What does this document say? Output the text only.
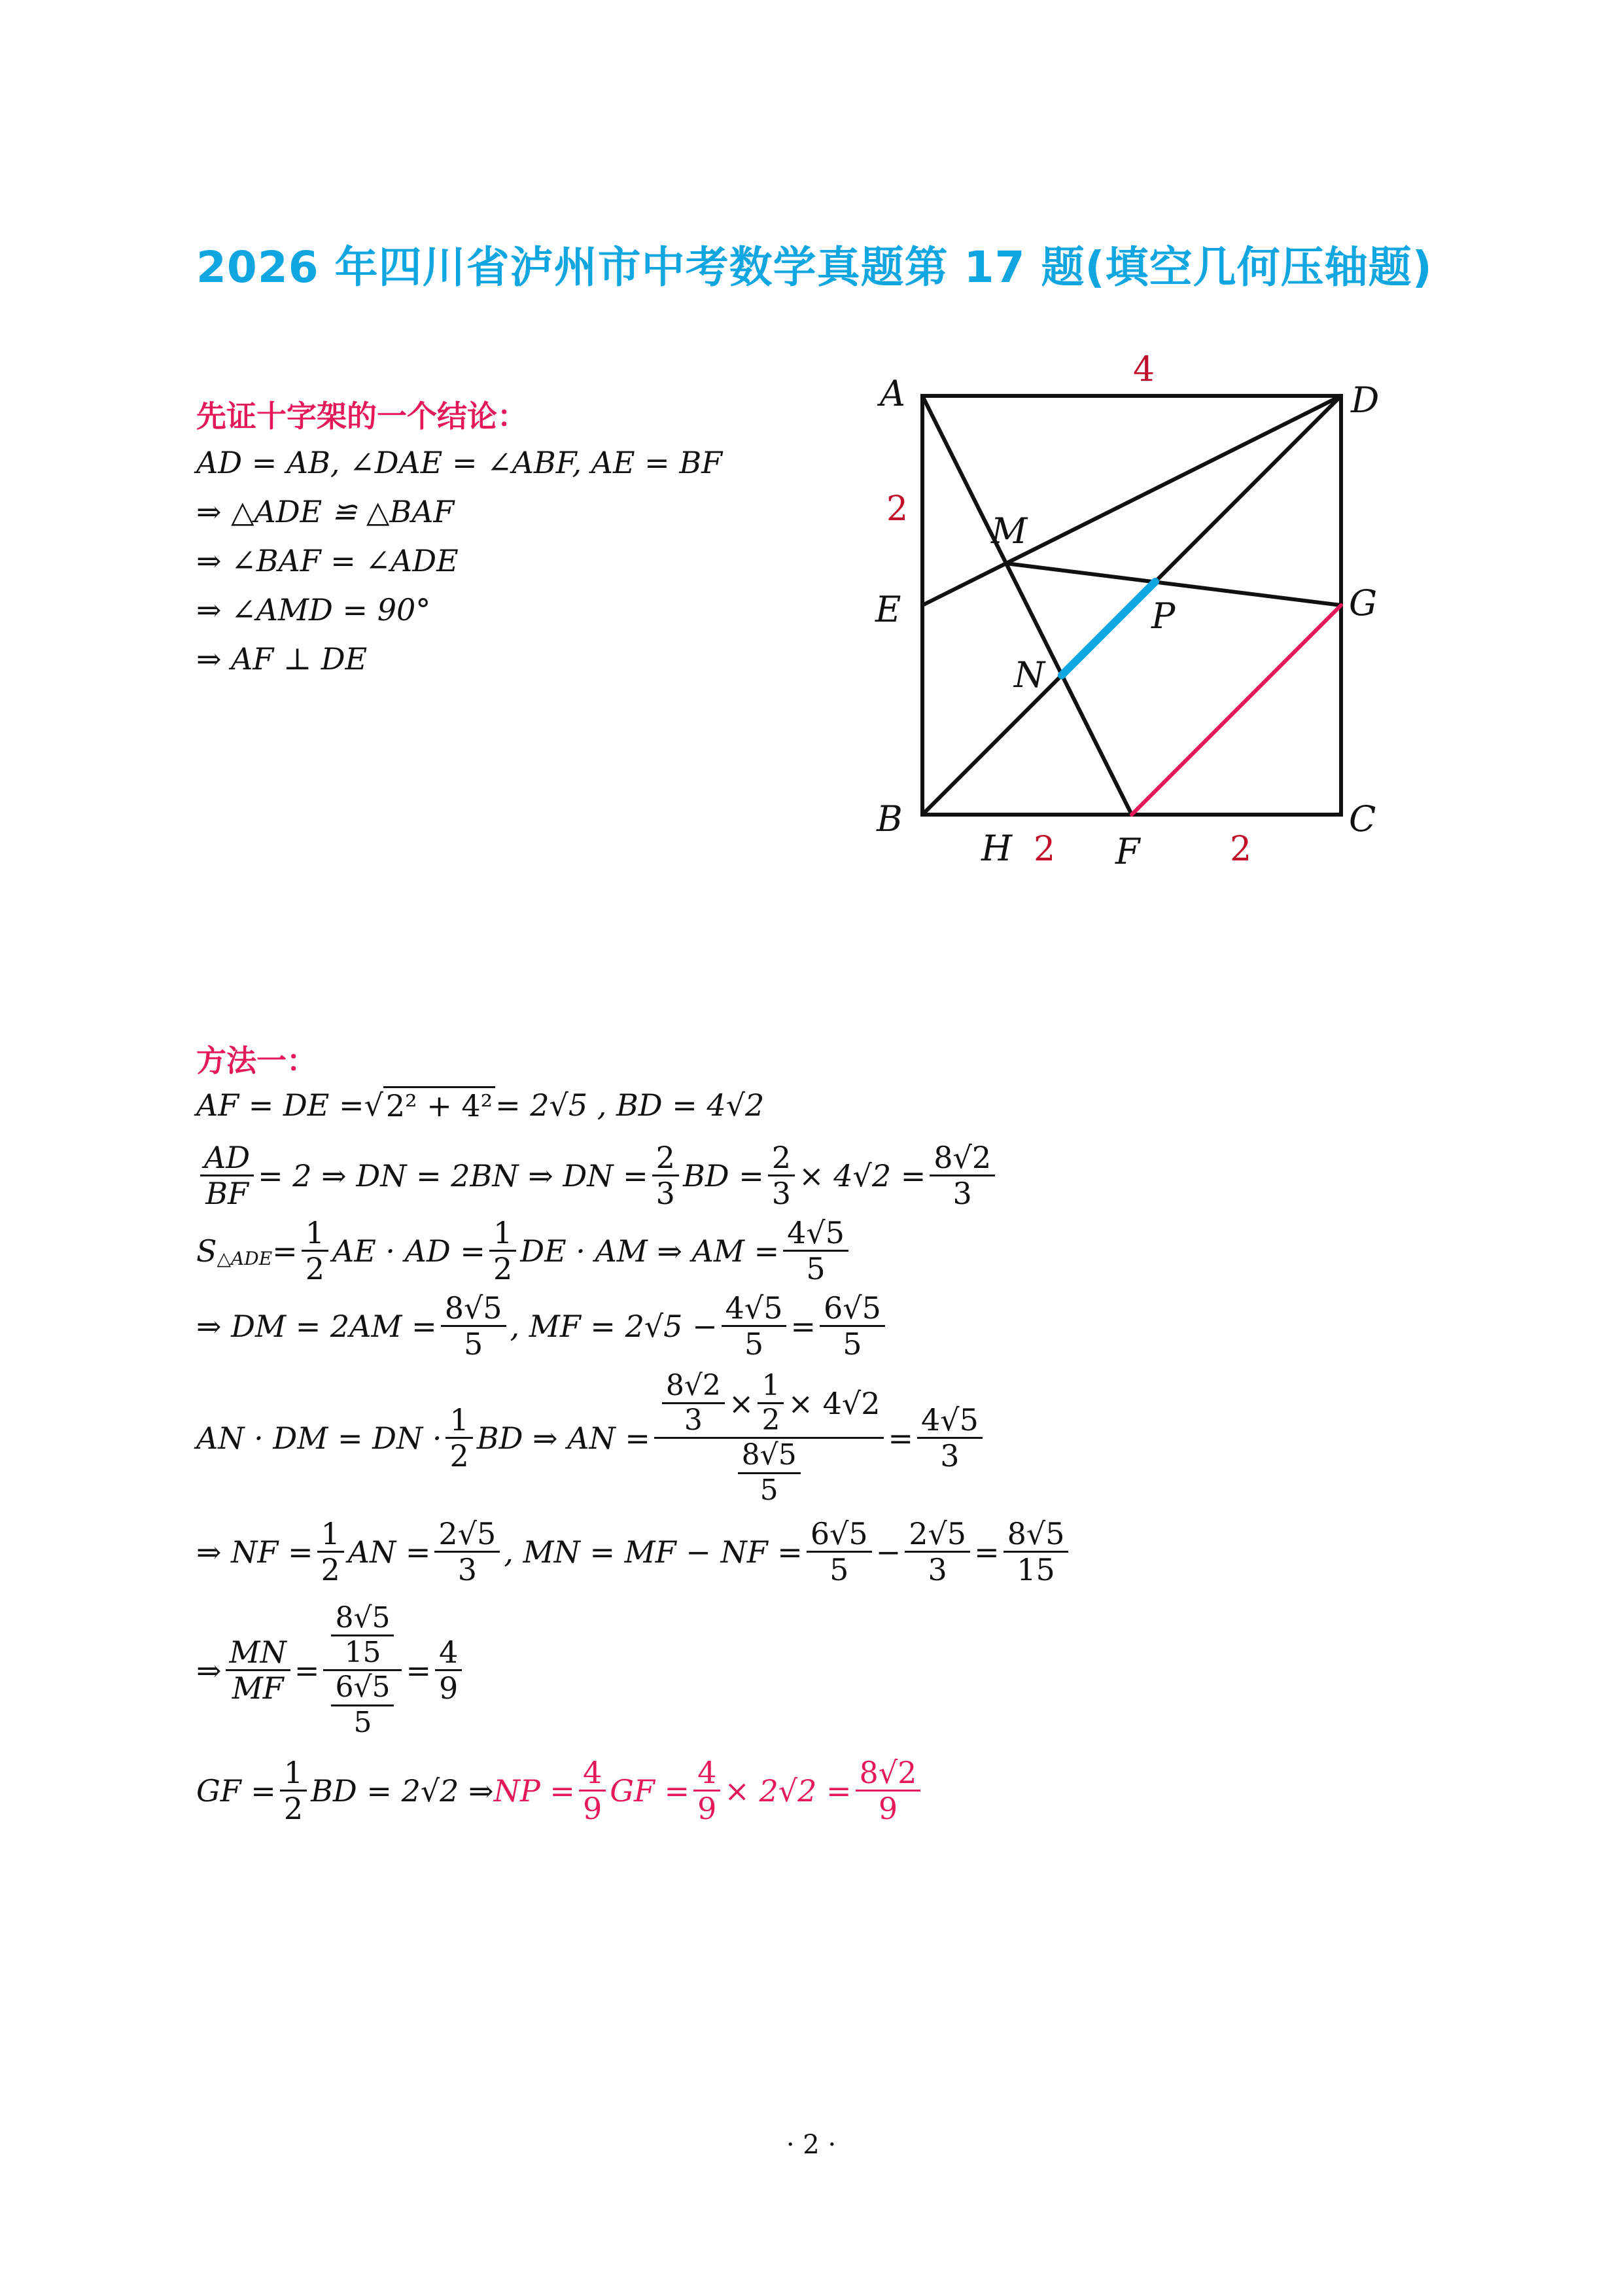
2026 年四川省泸州市中考数学真题第 17 题(填空几何压轴题)
先证十字架的一个结论：
AD = AB, ∠DAE = ∠ABF, AE = BF
⇒ △ADE ≌ △BAF
⇒ ∠BAF = ∠ADE
⇒ ∠AMD = 90°
⇒ AF ⊥ DE
A	D
M
E	P	G
N
B
H	F
C
4
2
2	2
方法一：
AF = DE = √ 2² + 4² = 2√5 , BD = 4√2
$\frac{AD}{BF} = 2$ ⇒ DN = 2BN ⇒ DN = $\frac{2}{3}$ BD = $\frac{2}{3} \times 4√2 = \frac{8√2}{3}$
S △ADE = $\frac{1}{2}$ AE · AD = $\frac{1}{2}$ DE · AM ⇒ AM = $\frac{4√5}{5}$
⇒ DM = $2AM = \frac{8√5}{5}$ , MF = $2√5 - \frac{4√5}{5} = \frac{6√5}{5}$
AN · DM = DN · $\frac{1}{2}$ BD ⇒ AN = $\frac{\frac{8√2}{3} \times \frac{1}{2} \times 4√2}{\frac{8√5}{5}} = \frac{4√5}{3}$
⇒ NF = $\frac{1}{2}$ AN = $\frac{2√5}{3}$ , MN = MF − NF = $\frac{6√5}{5} - \frac{2√5}{3} = \frac{8√5}{15}$
⇒ $\frac{MN}{MF} = \frac{\frac{8√5}{15}}{\frac{6√5}{5}} = \frac{4}{9}$
GF = $\frac{1}{2}$ BD = 2√2 ⇒ NP = $\frac{4}{9}$ GF = $\frac{4}{9} \times 2√2 = \frac{8√2}{9}$
· 2 ·
